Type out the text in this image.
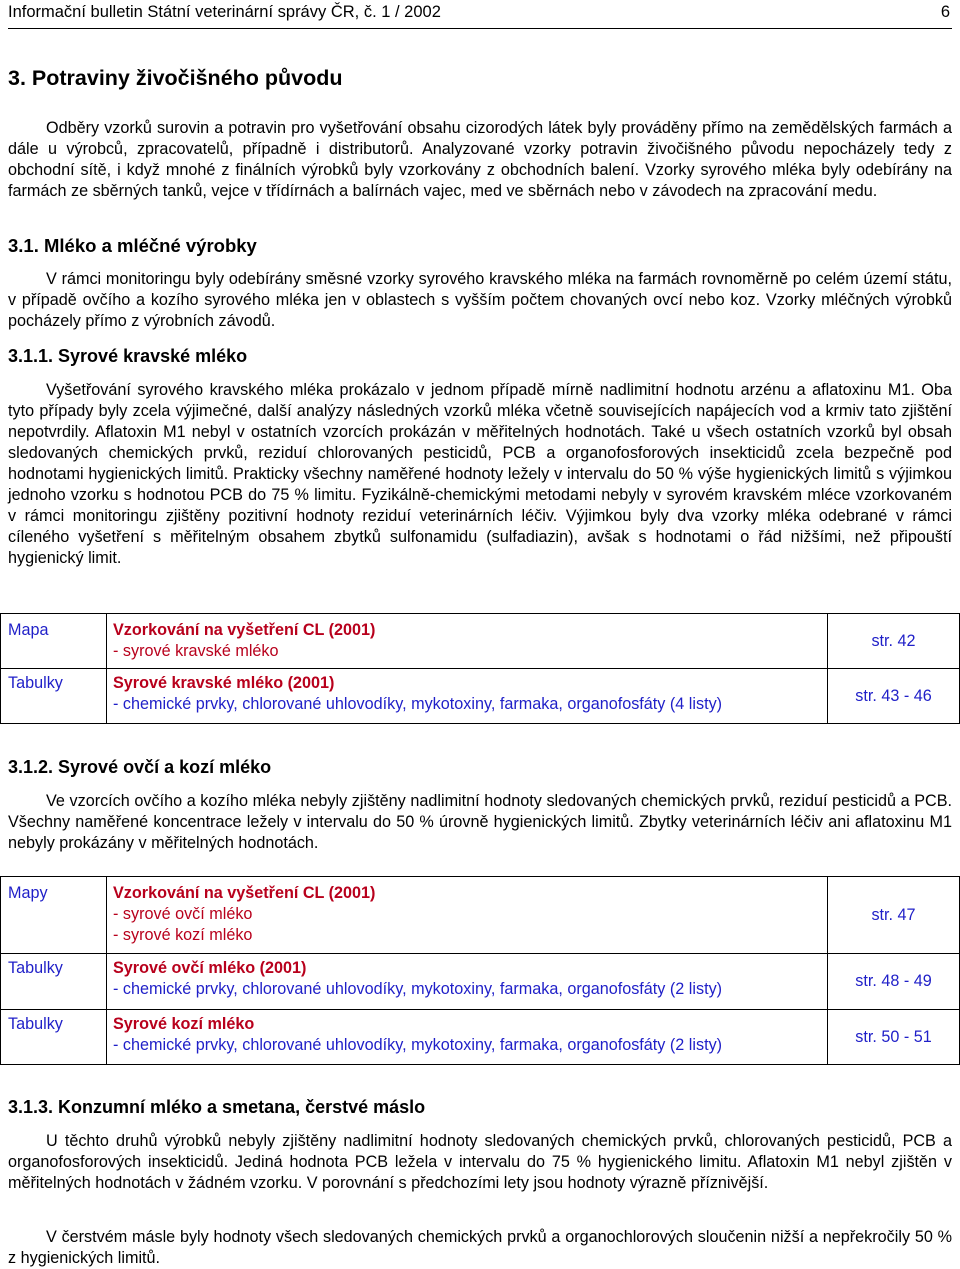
Informační bulletin Státní veterinární správy ČR, č. 1 / 2002	6
3. Potraviny živočišného původu

Odběry vzorků surovin a potravin pro vyšetřování obsahu cizorodých látek byly prováděny přímo na zemědělských farmách a dále u výrobců, zpracovatelů, případně i distributorů. Analyzované vzorky potravin živočišného původu nepocházely tedy z obchodní sítě, i když mnohé z finálních výrobků byly vzorkovány z obchodních balení. Vzorky syrového mléka byly odebírány na farmách ze sběrných tanků, vejce v třídírnách a balírnách vajec, med ve sběrnách nebo v závodech na zpracování medu.

3.1. Mléko a mléčné výrobky

V rámci monitoringu byly odebírány směsné vzorky syrového kravského mléka na farmách rovnoměrně po celém území státu, v případě ovčího a kozího syrového mléka jen v oblastech s vyšším počtem chovaných ovcí nebo koz. Vzorky mléčných výrobků pocházely přímo z výrobních závodů.

3.1.1. Syrové kravské mléko

Vyšetřování syrového kravského mléka prokázalo v jednom případě mírně nadlimitní hodnotu arzénu a aflatoxinu M1. Oba tyto případy byly zcela výjimečné, další analýzy následných vzorků mléka včetně souvisejících napájecích vod a krmiv tato zjištění nepotvrdily. Aflatoxin M1 nebyl v ostatních vzorcích prokázán v měřitelných hodnotách. Také u všech ostatních vzorků byl obsah sledovaných chemických prvků, reziduí chlorovaných pesticidů, PCB a organofosforových insekticidů zcela bezpečně pod hodnotami hygienických limitů. Prakticky všechny naměřené hodnoty ležely v intervalu do 50 % výše hygienických limitů s výjimkou jednoho vzorku s hodnotou PCB do 75 % limitu. Fyzikálně-chemickými metodami nebyly v syrovém kravském mléce vzorkovaném v rámci monitoringu zjištěny pozitivní hodnoty reziduí veterinárních léčiv. Výjimkou byly dva vzorky mléka odebrané v rámci cíleného vyšetření s měřitelným obsahem zbytků sulfonamidu (sulfadiazin), avšak s hodnotami o řád nižšími, než připouští hygienický limit.

Mapa	Vzorkování na vyšetření CL (2001)
- syrové kravské mléko	str. 42
Tabulky	Syrové kravské mléko (2001)
- chemické prvky, chlorované uhlovodíky, mykotoxiny, farmaka, organofosfáty (4 listy)	str. 43 - 46
3.1.2. Syrové ovčí a kozí mléko

Ve vzorcích ovčího a kozího mléka nebyly zjištěny nadlimitní hodnoty sledovaných chemických prvků, reziduí pesticidů a PCB. Všechny naměřené koncentrace ležely v intervalu do 50 % úrovně hygienických limitů. Zbytky veterinárních léčiv ani aflatoxinu M1 nebyly prokázány v měřitelných hodnotách.

Mapy	Vzorkování na vyšetření CL (2001)
- syrové ovčí mléko
- syrové kozí mléko	str. 47
Tabulky	Syrové ovčí mléko (2001)
- chemické prvky, chlorované uhlovodíky, mykotoxiny, farmaka, organofosfáty (2 listy)	str. 48 - 49
Tabulky	Syrové kozí mléko
- chemické prvky, chlorované uhlovodíky, mykotoxiny, farmaka, organofosfáty (2 listy)	str. 50 - 51
3.1.3. Konzumní mléko a smetana, čerstvé máslo

U těchto druhů výrobků nebyly zjištěny nadlimitní hodnoty sledovaných chemických prvků, chlorovaných pesticidů, PCB a organofosforových insekticidů. Jediná hodnota PCB ležela v intervalu do 75 % hygienického limitu. Aflatoxin M1 nebyl zjištěn v měřitelných hodnotách v žádném vzorku. V porovnání s předchozími lety jsou hodnoty výrazně příznivější.

V čerstvém másle byly hodnoty všech sledovaných chemických prvků a organochlorových sloučenin nižší a nepřekročily 50 % z hygienických limitů.
